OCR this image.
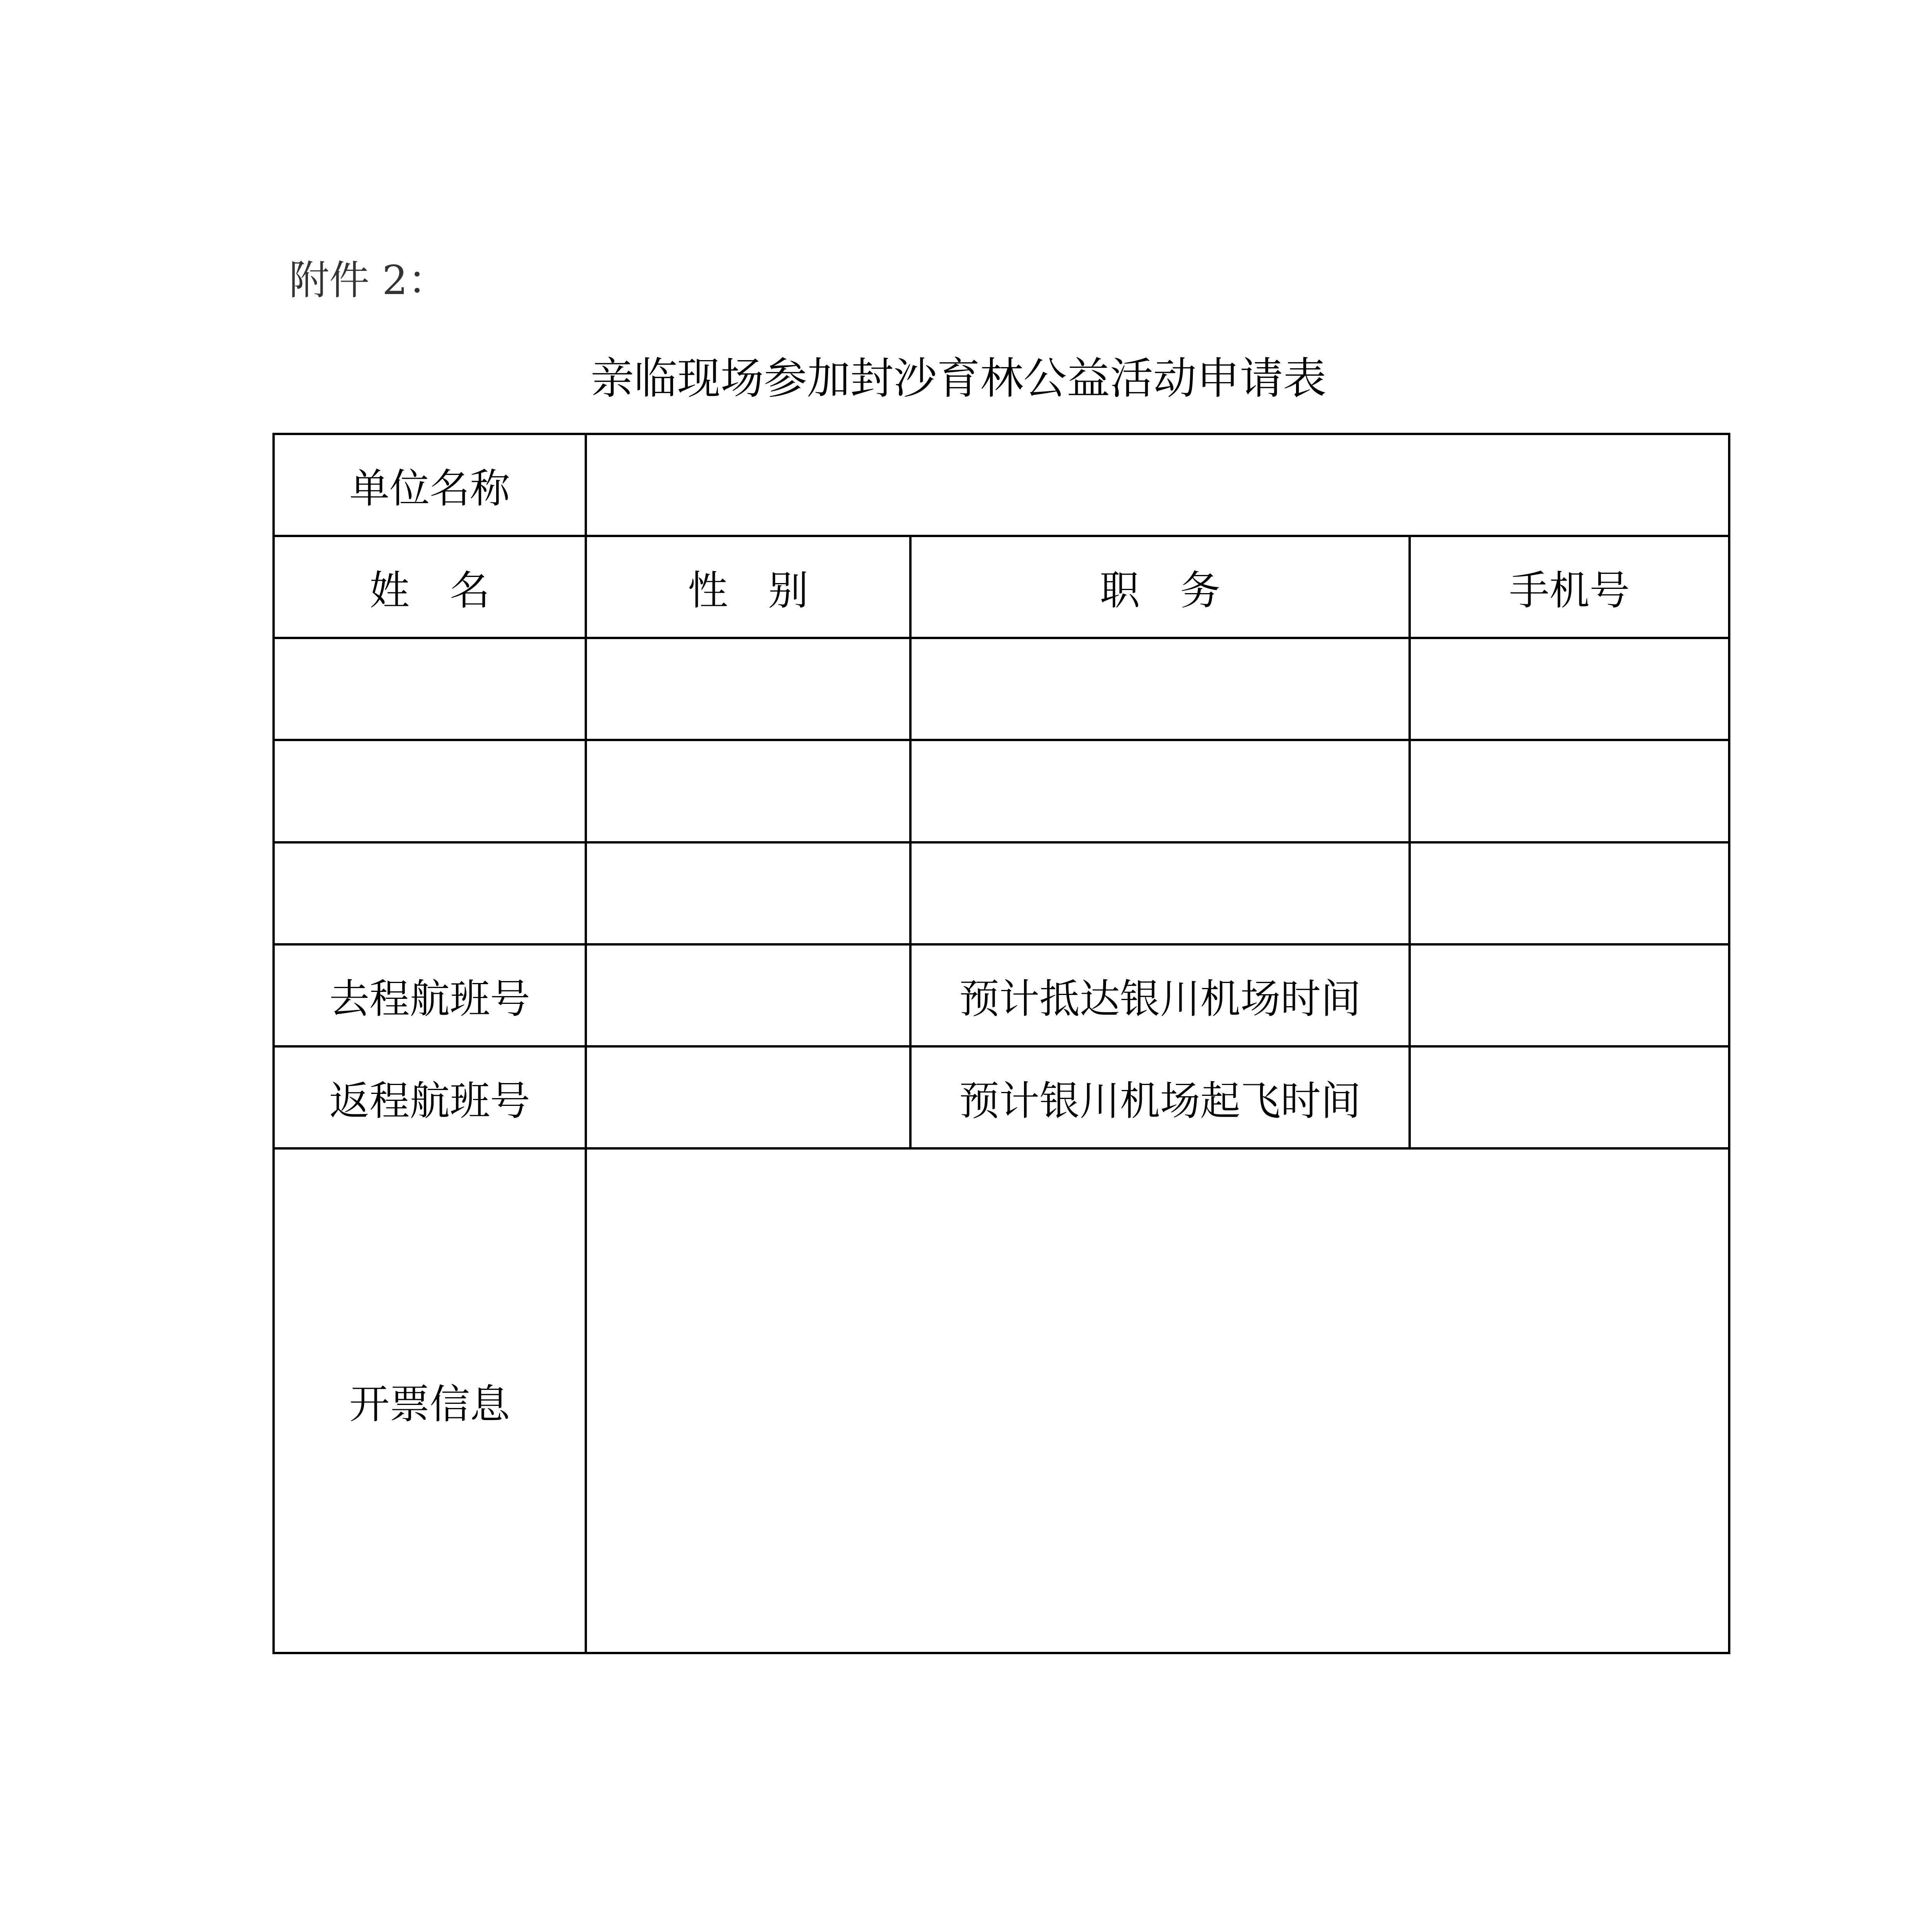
附件 2：
亲临现场参加封沙育林公益活动申请表
单位名称			
姓　名	性　别	职　务	手机号

去程航班号		预计抵达银川机场时间	
返程航班号		预计银川机场起飞时间	
开票信息			
